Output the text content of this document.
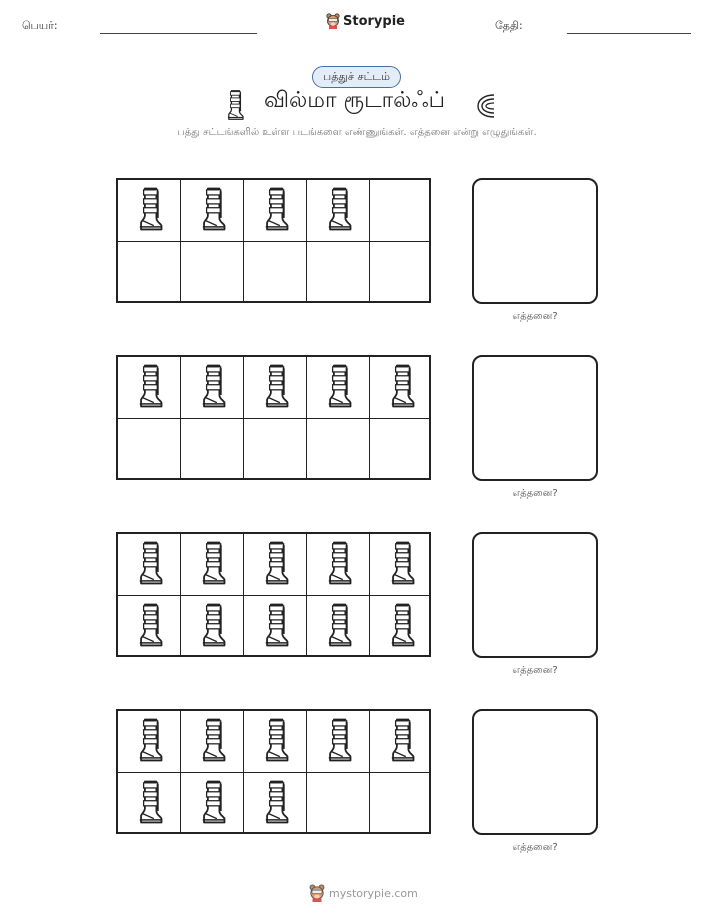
பெயர்:	Storypie	தேதி:
பத்துச் சட்டம்
வில்மா ரூடால்ஃப்
பத்து சட்டங்களில் உள்ள படங்களை எண்ணுங்கள். எத்தனை என்று எழுதுங்கள்.
எத்தனை?
எத்தனை?
எத்தனை?
எத்தனை?
mystorypie.com
